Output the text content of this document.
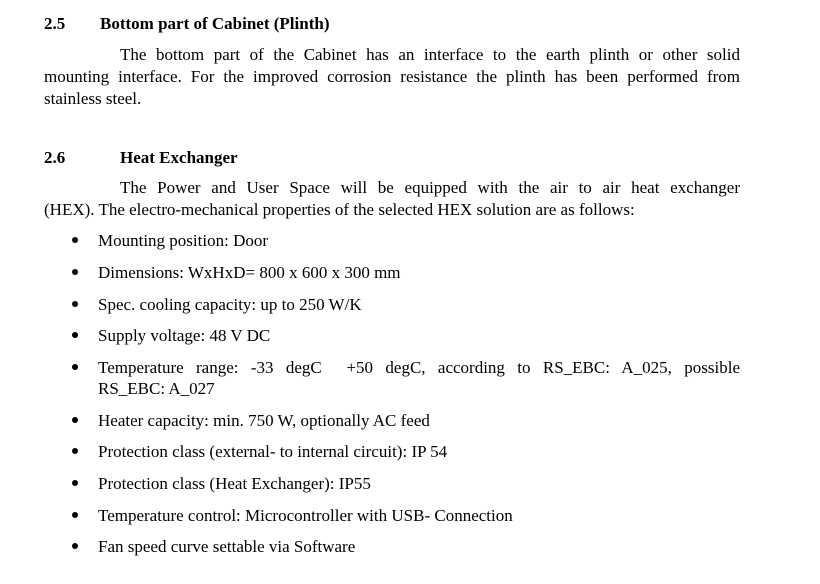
2.5 Bottom part of Cabinet (Plinth)
The bottom part of the Cabinet has an interface to the earth plinth or other solid
mounting interface. For the improved corrosion resistance the plinth has been performed from
stainless steel.
2.6	Heat Exchanger
The Power and User Space will be equipped with the air to air heat exchanger
(HEX). The electro-mechanical properties of the selected HEX solution are as follows:
Mounting position: Door
Dimensions: WxHxD= 800 x 600 x 300 mm
Spec. cooling capacity: up to 250 W/K
Supply voltage: 48 V DC
Temperature range: -33 degC  +50 degC, according to RS_EBC: A_025, possible
RS_EBC: A_027
Heater capacity: min. 750 W, optionally AC feed
Protection class (external- to internal circuit): IP 54
Protection class (Heat Exchanger): IP55
Temperature control: Microcontroller with USB- Connection
Fan speed curve settable via Software
